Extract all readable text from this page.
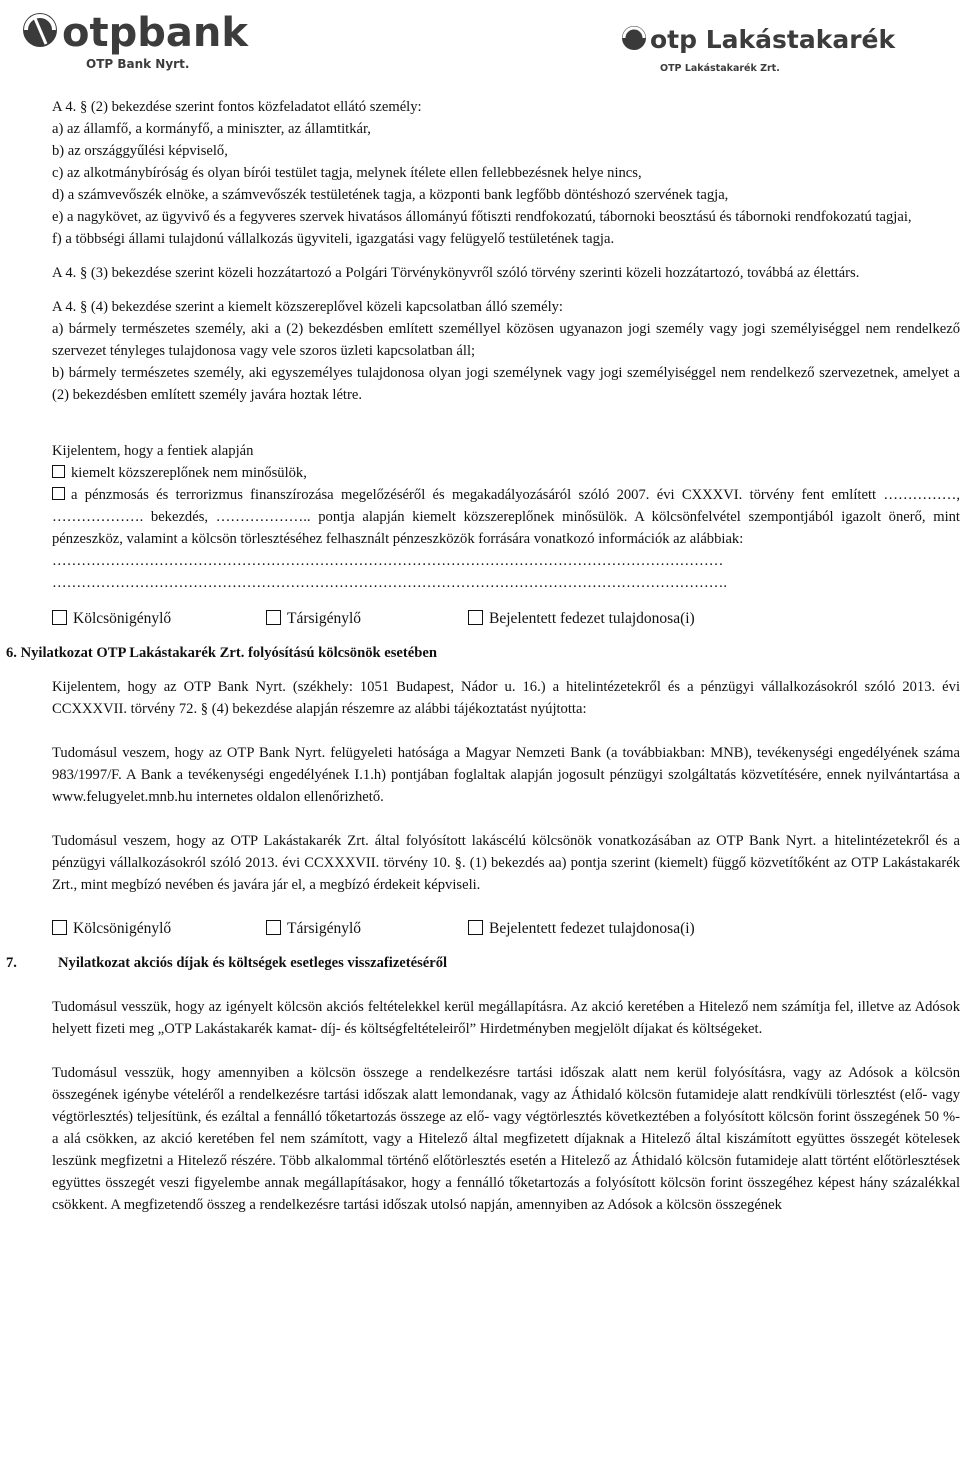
otpbank
OTP Bank Nyrt.
otp Lakástakarék
OTP Lakástakarék Zrt.

A 4. § (2) bekezdése szerint fontos közfeladatot ellátó személy:

a) az államfő, a kormányfő, a miniszter, az államtitkár,

b) az országgyűlési képviselő,

c) az alkotmánybíróság és olyan bírói testület tagja, melynek ítélete ellen fellebbezésnek helye nincs,

d) a számvevőszék elnöke, a számvevőszék testületének tagja, a központi bank legfőbb döntéshozó szervének tagja,

e) a nagykövet, az ügyvivő és a fegyveres szervek hivatásos állományú főtiszti rendfokozatú, tábornoki beosztású és tábornoki rendfokozatú tagjai,

f) a többségi állami tulajdonú vállalkozás ügyviteli, igazgatási vagy felügyelő testületének tagja.

A 4. § (3) bekezdése szerint közeli hozzátartozó a Polgári Törvénykönyvről szóló törvény szerinti közeli hozzátartozó, továbbá az élettárs.

A 4. § (4) bekezdése szerint a kiemelt közszereplővel közeli kapcsolatban álló személy:

a) bármely természetes személy, aki a (2) bekezdésben említett személlyel közösen ugyanazon jogi személy vagy jogi személyiséggel nem rendelkező szervezet tényleges tulajdonosa vagy vele szoros üzleti kapcsolatban áll;

b) bármely természetes személy, aki egyszemélyes tulajdonosa olyan jogi személynek vagy jogi személyiséggel nem rendelkező szervezetnek, amelyet a (2) bekezdésben említett személy javára hoztak létre.

Kijelentem, hogy a fentiek alapján

kiemelt közszereplőnek nem minősülök,

a pénzmosás és terrorizmus finanszírozása megelőzéséről és megakadályozásáról szóló 2007. évi CXXXVI. törvény fent említett ……………, ………………. bekezdés, ……………….. pontja alapján kiemelt közszereplőnek minősülök. A kölcsönfelvétel szempontjából igazolt önerő, mint pénzeszköz, valamint a kölcsön törlesztéséhez felhasznált pénzeszközök forrására vonatkozó információk az alábbiak:

…………………………………………………………………………………………………………………………

………………………………………………………………………………………………………………………….

Kölcsönigénylő	Társigénylő	Bejelentett fedezet tulajdonosa(i)

6. Nyilatkozat OTP Lakástakarék Zrt. folyósítású kölcsönök esetében

Kijelentem, hogy az OTP Bank Nyrt. (székhely: 1051 Budapest, Nádor u. 16.) a hitelintézetekről és a pénzügyi vállalkozásokról szóló 2013. évi CCXXXVII. törvény 72. § (4) bekezdése alapján részemre az alábbi tájékoztatást nyújtotta:

Tudomásul veszem, hogy az OTP Bank Nyrt. felügyeleti hatósága a Magyar Nemzeti Bank (a továbbiakban: MNB), tevékenységi engedélyének száma 983/1997/F. A Bank a tevékenységi engedélyének I.1.h) pontjában foglaltak alapján jogosult pénzügyi szolgáltatás közvetítésére, ennek nyilvántartása a www.felugyelet.mnb.hu internetes oldalon ellenőrizhető.

Tudomásul veszem, hogy az OTP Lakástakarék Zrt. által folyósított lakáscélú kölcsönök vonatkozásában az OTP Bank Nyrt. a hitelintézetekről és a pénzügyi vállalkozásokról szóló 2013. évi CCXXXVII. törvény 10. §. (1) bekezdés aa) pontja szerint (kiemelt) függő közvetítőként az OTP Lakástakarék Zrt., mint megbízó nevében és javára jár el, a megbízó érdekeit képviseli.

Kölcsönigénylő	Társigénylő	Bejelentett fedezet tulajdonosa(i)

7.	Nyilatkozat akciós díjak és költségek esetleges visszafizetéséről

Tudomásul vesszük, hogy az igényelt kölcsön akciós feltételekkel kerül megállapításra. Az akció keretében a Hitelező nem számítja fel, illetve az Adósok helyett fizeti meg „OTP Lakástakarék kamat- díj- és költségfeltételeiről” Hirdetményben megjelölt díjakat és költségeket.

Tudomásul vesszük, hogy amennyiben a kölcsön összege a rendelkezésre tartási időszak alatt nem kerül folyósításra, vagy az Adósok a kölcsön összegének igénybe vételéről a rendelkezésre tartási időszak alatt lemondanak, vagy az Áthidaló kölcsön futamideje alatt rendkívüli törlesztést (elő- vagy végtörlesztés) teljesítünk, és ezáltal a fennálló tőketartozás összege az elő- vagy végtörlesztés következtében a folyósított kölcsön forint összegének 50 %-a alá csökken, az akció keretében fel nem számított, vagy a Hitelező által megfizetett díjaknak a Hitelező által kiszámított együttes összegét kötelesek leszünk megfizetni a Hitelező részére. Több alkalommal történő előtörlesztés esetén a Hitelező az Áthidaló kölcsön futamideje alatt történt előtörlesztések együttes összegét veszi figyelembe annak megállapításakor, hogy a fennálló tőketartozás a folyósított kölcsön forint összegéhez képest hány százalékkal csökkent. A megfizetendő összeg a rendelkezésre tartási időszak utolsó napján, amennyiben az Adósok a kölcsön összegének
